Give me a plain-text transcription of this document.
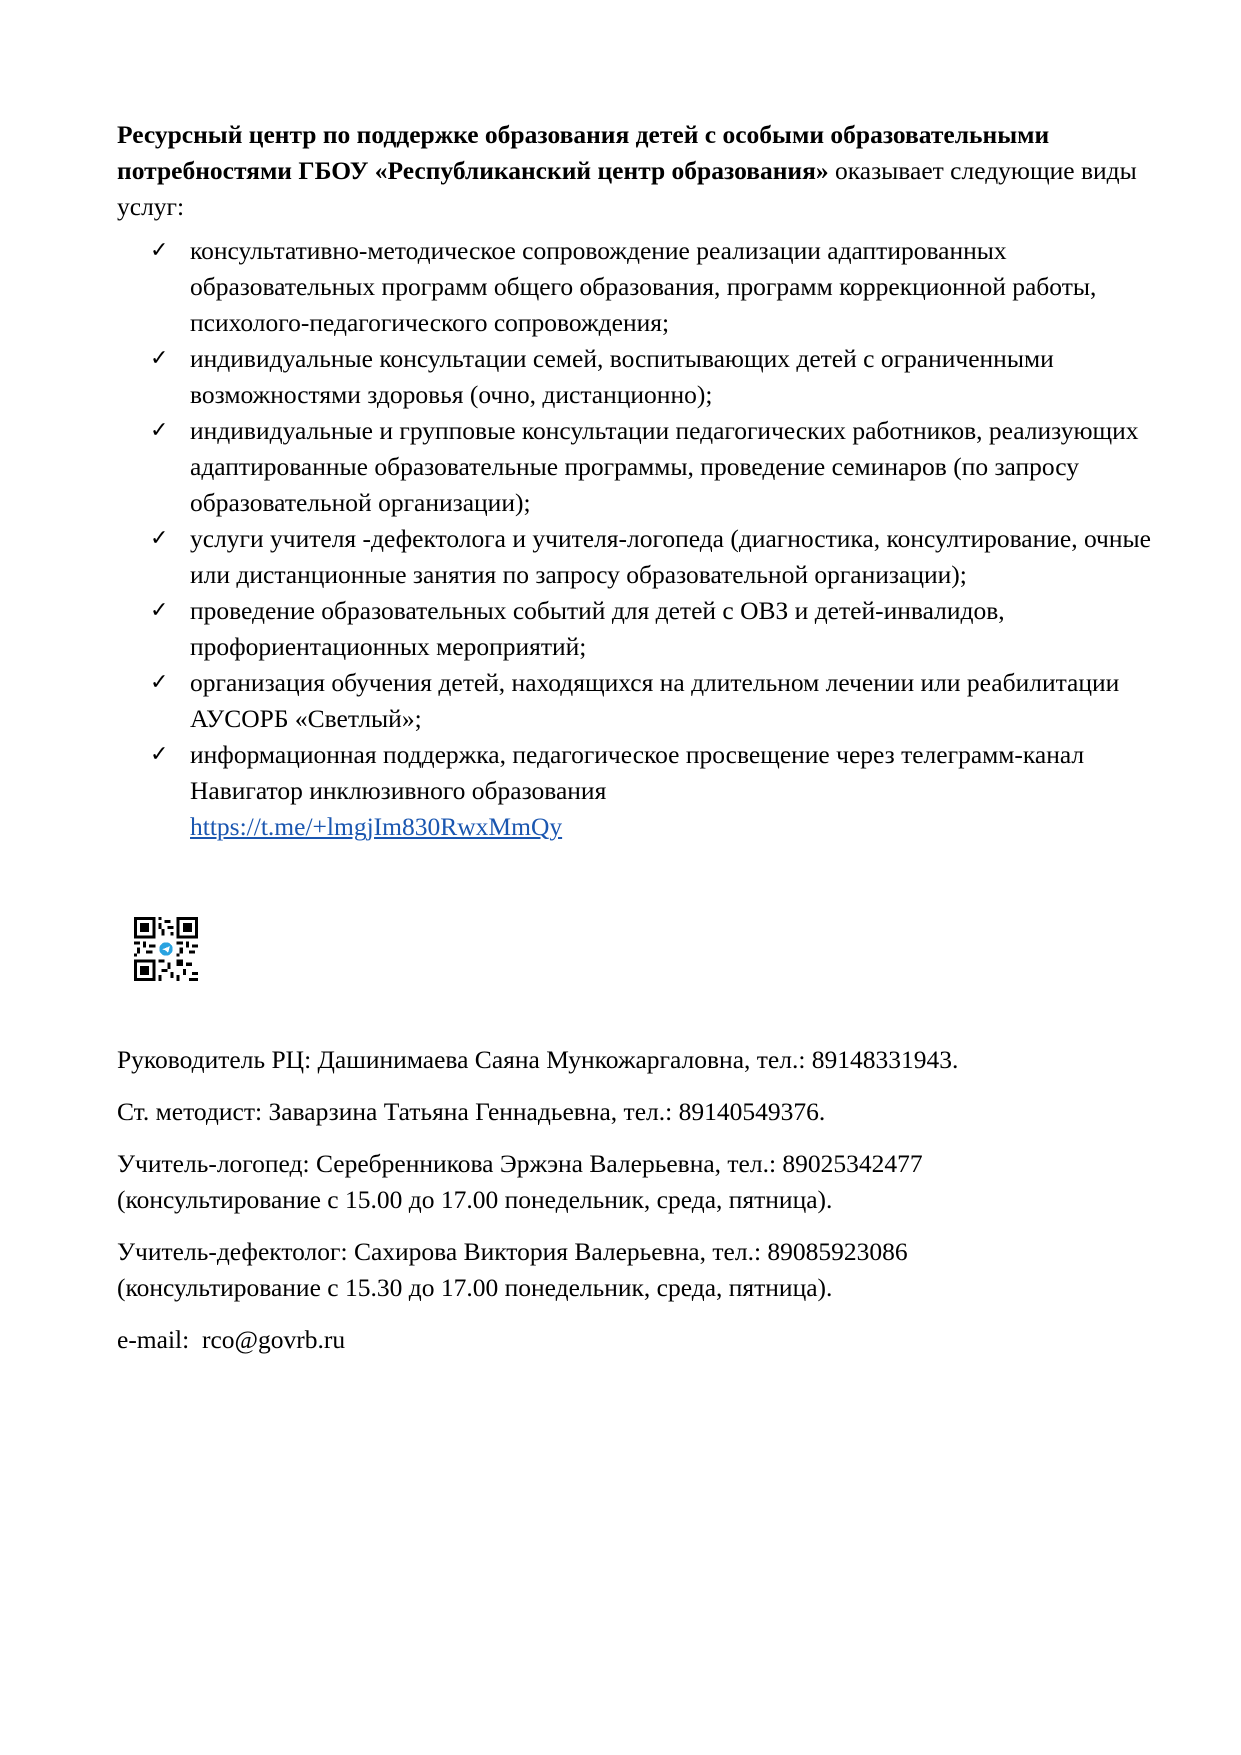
Ресурсный центр по поддержке образования детей с особыми образовательными потребностями ГБОУ «Республиканский центр образования» оказывает следующие виды услуг:

✓ консультативно-методическое сопровождение реализации адаптированных образовательных программ общего образования, программ коррекционной работы, психолого-педагогического сопровождения;
✓ индивидуальные консультации семей, воспитывающих детей с ограниченными возможностями здоровья (очно, дистанционно);
✓ индивидуальные и групповые консультации педагогических работников, реализующих адаптированные образовательные программы, проведение семинаров (по запросу образовательной организации);
✓ услуги учителя -дефектолога и учителя-логопеда (диагностика, консултирование, очные или дистанционные занятия по запросу образовательной организации);
✓ проведение образовательных событий для детей с ОВЗ и детей-инвалидов, профориентационных мероприятий;
✓ организация обучения детей, находящихся на длительном лечении или реабилитации АУСОРБ «Светлый»;
✓ информационная поддержка, педагогическое просвещение через телеграмм-канал Навигатор инклюзивного образования
https://t.me/+lmgjIm830RwxMmQy

Руководитель РЦ: Дашинимаева Саяна Мункожаргаловна, тел.: 89148331943.

Ст. методист: Заварзина Татьяна Геннадьевна, тел.: 89140549376.

Учитель-логопед: Серебренникова Эржэна Валерьевна, тел.: 89025342477
(консультирование с 15.00 до 17.00 понедельник, среда, пятница).

Учитель-дефектолог: Сахирова Виктория Валерьевна, тел.: 89085923086
(консультирование с 15.30 до 17.00 понедельник, среда, пятница).

e-mail: rco@govrb.ru
